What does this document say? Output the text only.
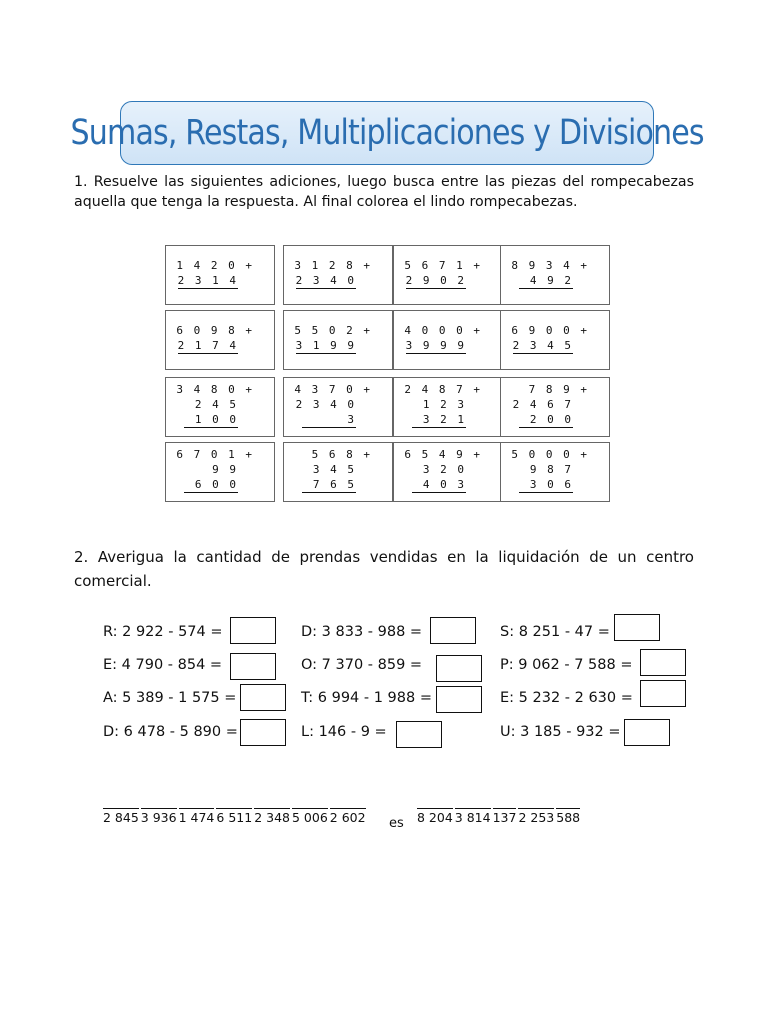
Sumas, Restas, Multiplicaciones y Divisiones

1. Resuelve las siguientes adiciones, luego busca entre las piezas del rompecabezas aquella que tenga la respuesta. Al final colorea el lindo rompecabezas.

1 4 2 0 +
2 3 1 4
3 1 2 8 +
2 3 4 0
5 6 7 1 +
2 9 0 2
8 9 3 4 +
4 9 2
6 0 9 8 +
2 1 7 4
5 5 0 2 +
3 1 9 9
4 0 0 0 +
3 9 9 9
6 9 0 0 +
2 3 4 5
3 4 8 0 +
2 4 5
1 0 0
4 3 7 0 +
2 3 4 0
3
2 4 8 7 +
1 2 3
3 2 1
7 8 9 +
2 4 6 7
2 0 0
6 7 0 1 +
9 9
6 0 0
5 6 8 +
3 4 5
7 6 5
6 5 4 9 +
3 2 0
4 0 3
5 0 0 0 +
9 8 7
3 0 6
2. Averigua la cantidad de prendas vendidas en la liquidación de un centro comercial.
R: 2 922 - 574 =	D: 3 833 - 988 =	S: 8 251 - 47 =
E: 4 790 - 854 =	O: 7 370 - 859 =	P: 9 062 - 7 588 =
A: 5 389 - 1 575 =	T: 6 994 - 1 988 =	E: 5 232 - 2 630 =
D: 6 478 - 5 890 =	L: 146 - 9 =	U: 3 185 - 932 =
2 845 3 936 1 474 6 511 2 348 5 006 2 602 es 8 204 3 814 137 2 253 588
